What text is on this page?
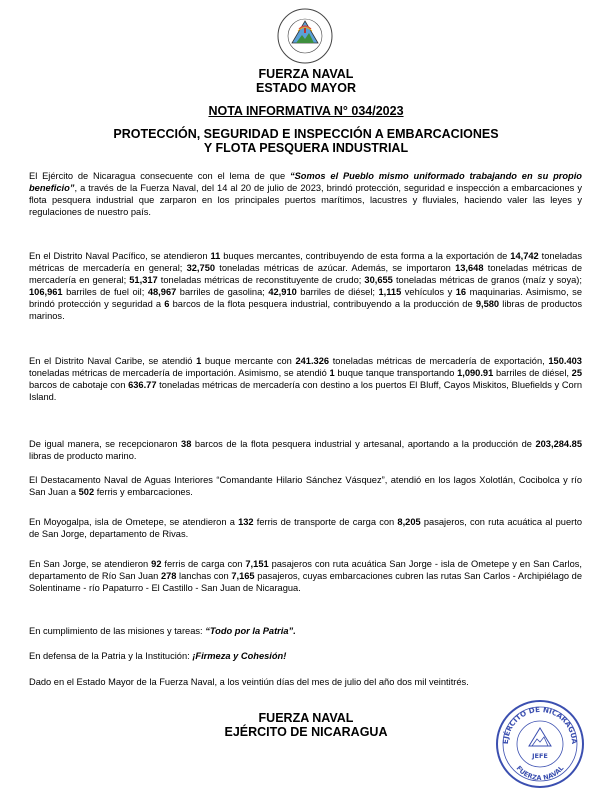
FUERZA NAVAL
ESTADO MAYOR
NOTA INFORMATIVA N° 034/2023
PROTECCIÓN, SEGURIDAD E INSPECCIÓN A EMBARCACIONES
Y FLOTA PESQUERA INDUSTRIAL
El Ejército de Nicaragua consecuente con el lema de que “Somos el Pueblo mismo uniformado trabajando en su propio beneficio”, a través de la Fuerza Naval, del 14 al 20 de julio de 2023, brindó protección, seguridad e inspección a embarcaciones y flota pesquera industrial que zarparon en los principales puertos marítimos, lacustres y fluviales, haciendo valer las leyes y regulaciones de nuestro país.
En el Distrito Naval Pacífico, se atendieron 11 buques mercantes, contribuyendo de esta forma a la exportación de 14,742 toneladas métricas de mercadería en general; 32,750 toneladas métricas de azúcar. Además, se importaron 13,648 toneladas métricas de mercadería en general; 51,317 toneladas métricas de reconstituyente de crudo; 30,655 toneladas métricas de granos (maíz y soya); 106,961 barriles de fuel oil; 48,967 barriles de gasolina; 42,910 barriles de diésel; 1,115 vehículos y 16 maquinarias. Asimismo, se brindó protección y seguridad a 6 barcos de la flota pesquera industrial, contribuyendo a la producción de 9,580 libras de productos marinos.
En el Distrito Naval Caribe, se atendió 1 buque mercante con 241.326 toneladas métricas de mercadería de exportación, 150.403 toneladas métricas de mercadería de importación. Asimismo, se atendió 1 buque tanque transportando 1,090.91 barriles de diésel, 25 barcos de cabotaje con 636.77 toneladas métricas de mercadería con destino a los puertos El Bluff, Cayos Miskitos, Bluefields y Corn Island.
De igual manera, se recepcionaron 38 barcos de la flota pesquera industrial y artesanal, aportando a la producción de 203,284.85 libras de producto marino.
El Destacamento Naval de Aguas Interiores “Comandante Hilario Sánchez Vásquez”, atendió en los lagos Xolotlán, Cocibolca y río San Juan a 502 ferris y embarcaciones.
En Moyogalpa, isla de Ometepe, se atendieron a 132 ferris de transporte de carga con 8,205 pasajeros, con ruta acuática al puerto de San Jorge, departamento de Rivas.
En San Jorge, se atendieron 92 ferris de carga con 7,151 pasajeros con ruta acuática San Jorge - isla de Ometepe y en San Carlos, departamento de Río San Juan 278 lanchas con 7,165 pasajeros, cuyas embarcaciones cubren las rutas San Carlos - Archipiélago de Solentiname - río Papaturro - El Castillo - San Juan de Nicaragua.
En cumplimiento de las misiones y tareas: “Todo por la Patria”.
En defensa de la Patria y la Institución: ¡Firmeza y Cohesión!
Dado en el Estado Mayor de la Fuerza Naval, a los veintiún días del mes de julio del año dos mil veintitrés.
FUERZA NAVAL
EJÉRCITO DE NICARAGUA
EJÉRCITO DE NICARAGUA
FUERZA NAVAL
JEFE
